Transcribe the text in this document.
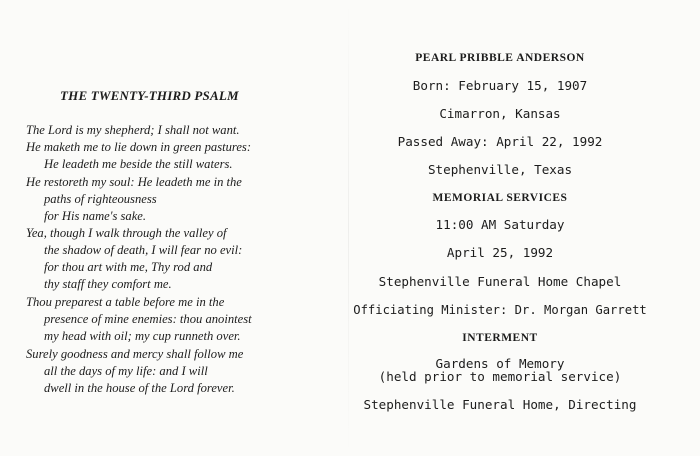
THE TWENTY-THIRD PSALM
The Lord is my shepherd; I shall not want.
He maketh me to lie down in green pastures:
He leadeth me beside the still waters.
He restoreth my soul: He leadeth me in the
paths of righteousness
for His name's sake.
Yea, though I walk through the valley of
the shadow of death, I will fear no evil:
for thou art with me, Thy rod and
thy staff they comfort me.
Thou preparest a table before me in the
presence of mine enemies: thou anointest
my head with oil; my cup runneth over.
Surely goodness and mercy shall follow me
all the days of my life: and I will
dwell in the house of the Lord forever.
PEARL PRIBBLE ANDERSON
Born: February 15, 1907
Cimarron, Kansas
Passed Away: April 22, 1992
Stephenville, Texas
MEMORIAL SERVICES
11:00 AM Saturday
April 25, 1992
Stephenville Funeral Home Chapel
Officiating Minister: Dr. Morgan Garrett
INTERMENT
Gardens of Memory
(held prior to memorial service)
Stephenville Funeral Home, Directing
